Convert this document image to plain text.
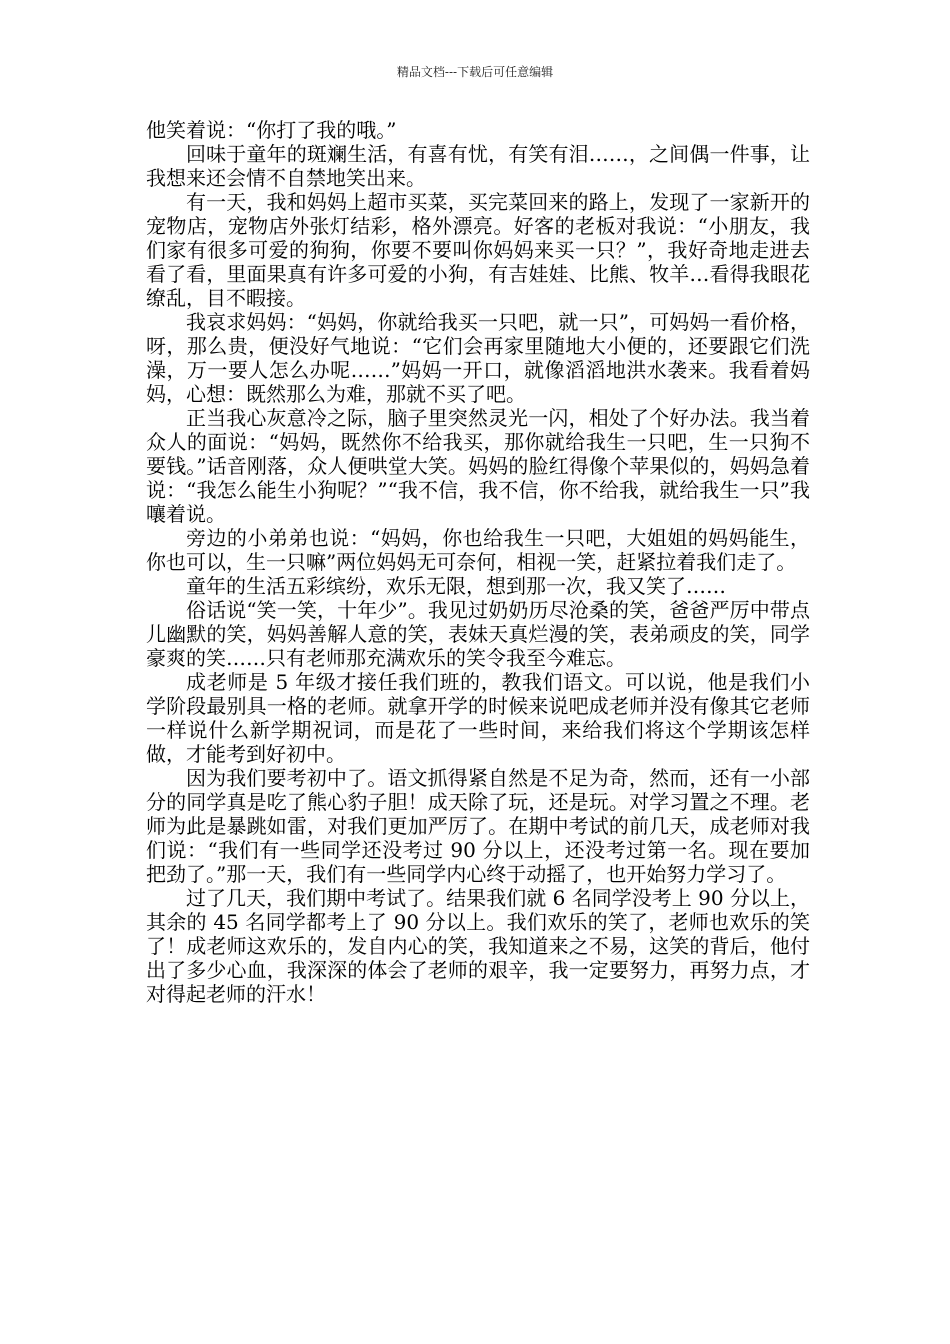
精品文档---下载后可任意编辑

他笑着说：“你打了我的哦。”

回味于童年的斑斓生活，有喜有忧，有笑有泪……，之间偶一件事，让我想来还会情不自禁地笑出来。

有一天，我和妈妈上超市买菜，买完菜回来的路上，发现了一家新开的宠物店，宠物店外张灯结彩，格外漂亮。好客的老板对我说：“小朋友，我们家有很多可爱的狗狗，你要不要叫你妈妈来买一只？”，我好奇地走进去看了看，里面果真有许多可爱的小狗，有吉娃娃、比熊、牧羊…看得我眼花缭乱，目不暇接。

我哀求妈妈：“妈妈，你就给我买一只吧，就一只”，可妈妈一看价格，呀，那么贵，便没好气地说：“它们会再家里随地大小便的，还要跟它们洗澡，万一要人怎么办呢……”妈妈一开口，就像滔滔地洪水袭来。我看着妈妈，心想：既然那么为难，那就不买了吧。

正当我心灰意冷之际，脑子里突然灵光一闪，相处了个好办法。我当着众人的面说：“妈妈，既然你不给我买，那你就给我生一只吧，生一只狗不要钱。”话音刚落，众人便哄堂大笑。妈妈的脸红得像个苹果似的，妈妈急着说：“我怎么能生小狗呢？”“我不信，我不信，你不给我，就给我生一只”我嚷着说。

旁边的小弟弟也说：“妈妈，你也给我生一只吧，大姐姐的妈妈能生，你也可以，生一只嘛”两位妈妈无可奈何，相视一笑，赶紧拉着我们走了。

童年的生活五彩缤纷，欢乐无限，想到那一次，我又笑了……

俗话说“笑一笑，十年少”。我见过奶奶历尽沧桑的笑，爸爸严厉中带点儿幽默的笑，妈妈善解人意的笑，表妹天真烂漫的笑，表弟顽皮的笑，同学豪爽的笑……只有老师那充满欢乐的笑令我至今难忘。

成老师是 5 年级才接任我们班的，教我们语文。可以说，他是我们小学阶段最别具一格的老师。就拿开学的时候来说吧成老师并没有像其它老师一样说什么新学期祝词，而是花了一些时间，来给我们将这个学期该怎样做，才能考到好初中。

因为我们要考初中了。语文抓得紧自然是不足为奇，然而，还有一小部分的同学真是吃了熊心豹子胆！成天除了玩，还是玩。对学习置之不理。老师为此是暴跳如雷，对我们更加严厉了。在期中考试的前几天，成老师对我们说：“我们有一些同学还没考过 90 分以上，还没考过第一名。现在要加把劲了。”那一天，我们有一些同学内心终于动摇了，也开始努力学习了。

过了几天，我们期中考试了。结果我们就 6 名同学没考上 90 分以上，其余的 45 名同学都考上了 90 分以上。我们欢乐的笑了，老师也欢乐的笑了！成老师这欢乐的，发自内心的笑，我知道来之不易，这笑的背后，他付出了多少心血，我深深的体会了老师的艰辛，我一定要努力，再努力点，才对得起老师的汗水！
